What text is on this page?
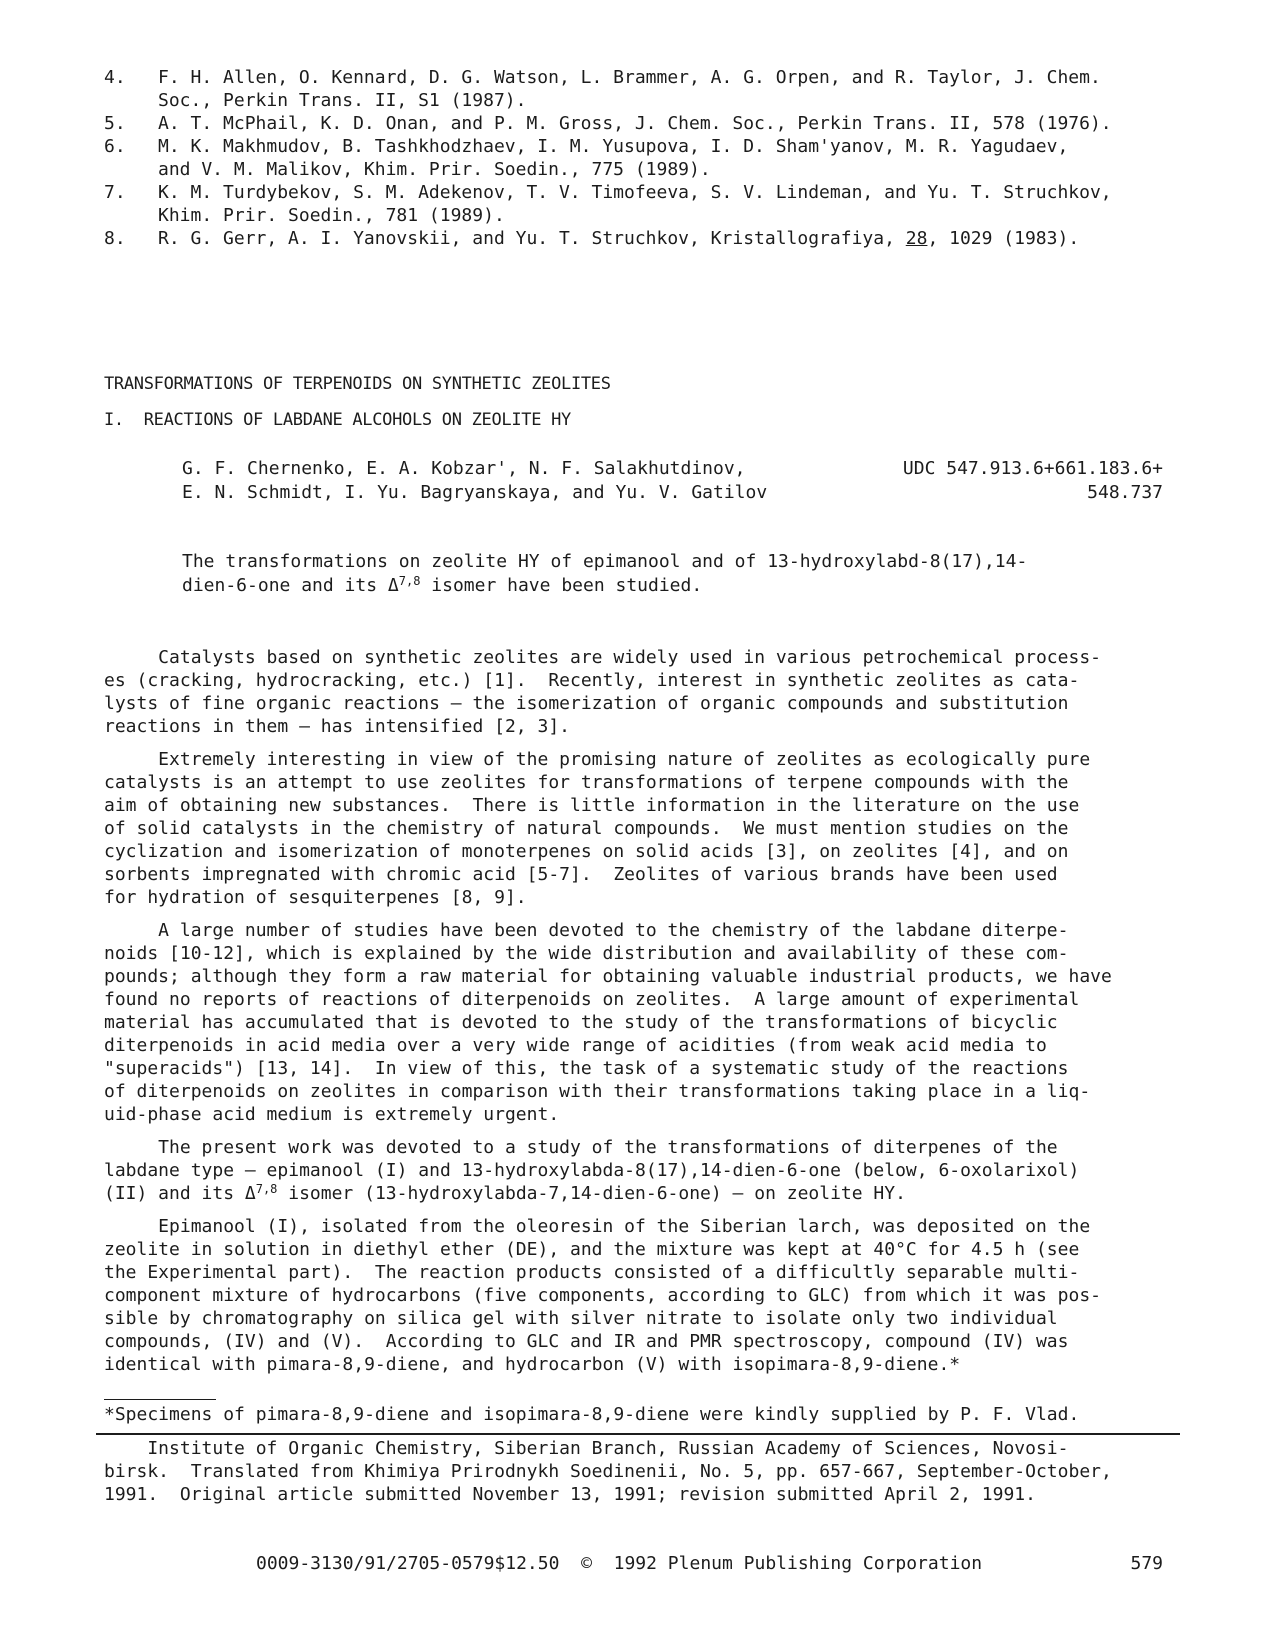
4.	F. H. Allen, O. Kennard, D. G. Watson, L. Brammer, A. G. Orpen, and R. Taylor, J. Chem.
Soc., Perkin Trans. II, S1 (1987).
5.	A. T. McPhail, K. D. Onan, and P. M. Gross, J. Chem. Soc., Perkin Trans. II, 578 (1976).
6.	M. K. Makhmudov, B. Tashkhodzhaev, I. M. Yusupova, I. D. Sham'yanov, M. R. Yagudaev,
and V. M. Malikov, Khim. Prir. Soedin., 775 (1989).
7.	K. M. Turdybekov, S. M. Adekenov, T. V. Timofeeva, S. V. Lindeman, and Yu. T. Struchkov,
Khim. Prir. Soedin., 781 (1989).
8.	R. G. Gerr, A. I. Yanovskii, and Yu. T. Struchkov, Kristallografiya, 28, 1029 (1983).
TRANSFORMATIONS OF TERPENOIDS ON SYNTHETIC ZEOLITES
I.  REACTIONS OF LABDANE ALCOHOLS ON ZEOLITE HY
G. F. Chernenko, E. A. Kobzar', N. F. Salakhutdinov,
E. N. Schmidt, I. Yu. Bagryanskaya, and Yu. V. Gatilov
UDC 547.913.6+661.183.6+
548.737
The transformations on zeolite HY of epimanool and of 13-hydroxylabd-8(17),14-
dien-6-one and its Δ$^{7,8}$ isomer have been studied.
Catalysts based on synthetic zeolites are widely used in various petrochemical process-
es (cracking, hydrocracking, etc.) [1].  Recently, interest in synthetic zeolites as cata-
lysts of fine organic reactions — the isomerization of organic compounds and substitution
reactions in them — has intensified [2, 3].
Extremely interesting in view of the promising nature of zeolites as ecologically pure
catalysts is an attempt to use zeolites for transformations of terpene compounds with the
aim of obtaining new substances.  There is little information in the literature on the use
of solid catalysts in the chemistry of natural compounds.  We must mention studies on the
cyclization and isomerization of monoterpenes on solid acids [3], on zeolites [4], and on
sorbents impregnated with chromic acid [5-7].  Zeolites of various brands have been used
for hydration of sesquiterpenes [8, 9].
A large number of studies have been devoted to the chemistry of the labdane diterpe-
noids [10-12], which is explained by the wide distribution and availability of these com-
pounds; although they form a raw material for obtaining valuable industrial products, we have
found no reports of reactions of diterpenoids on zeolites.  A large amount of experimental
material has accumulated that is devoted to the study of the transformations of bicyclic
diterpenoids in acid media over a very wide range of acidities (from weak acid media to
"superacids") [13, 14].  In view of this, the task of a systematic study of the reactions
of diterpenoids on zeolites in comparison with their transformations taking place in a liq-
uid-phase acid medium is extremely urgent.
The present work was devoted to a study of the transformations of diterpenes of the
labdane type — epimanool (I) and 13-hydroxylabda-8(17),14-dien-6-one (below, 6-oxolarixol)
(II) and its Δ$^{7,8}$ isomer (13-hydroxylabda-7,14-dien-6-one) — on zeolite HY.
Epimanool (I), isolated from the oleoresin of the Siberian larch, was deposited on the
zeolite in solution in diethyl ether (DE), and the mixture was kept at 40°C for 4.5 h (see
the Experimental part).  The reaction products consisted of a difficultly separable multi-
component mixture of hydrocarbons (five components, according to GLC) from which it was pos-
sible by chromatography on silica gel with silver nitrate to isolate only two individual
compounds, (IV) and (V).  According to GLC and IR and PMR spectroscopy, compound (IV) was
identical with pimara-8,9-diene, and hydrocarbon (V) with isopimara-8,9-diene.*
*Specimens of pimara-8,9-diene and isopimara-8,9-diene were kindly supplied by P. F. Vlad.
Institute of Organic Chemistry, Siberian Branch, Russian Academy of Sciences, Novosi-
birsk.  Translated from Khimiya Prirodnykh Soedinenii, No. 5, pp. 657-667, September-October,
1991.  Original article submitted November 13, 1991; revision submitted April 2, 1991.
0009-3130/91/2705-0579$12.50  ©  1992 Plenum Publishing Corporation	579
